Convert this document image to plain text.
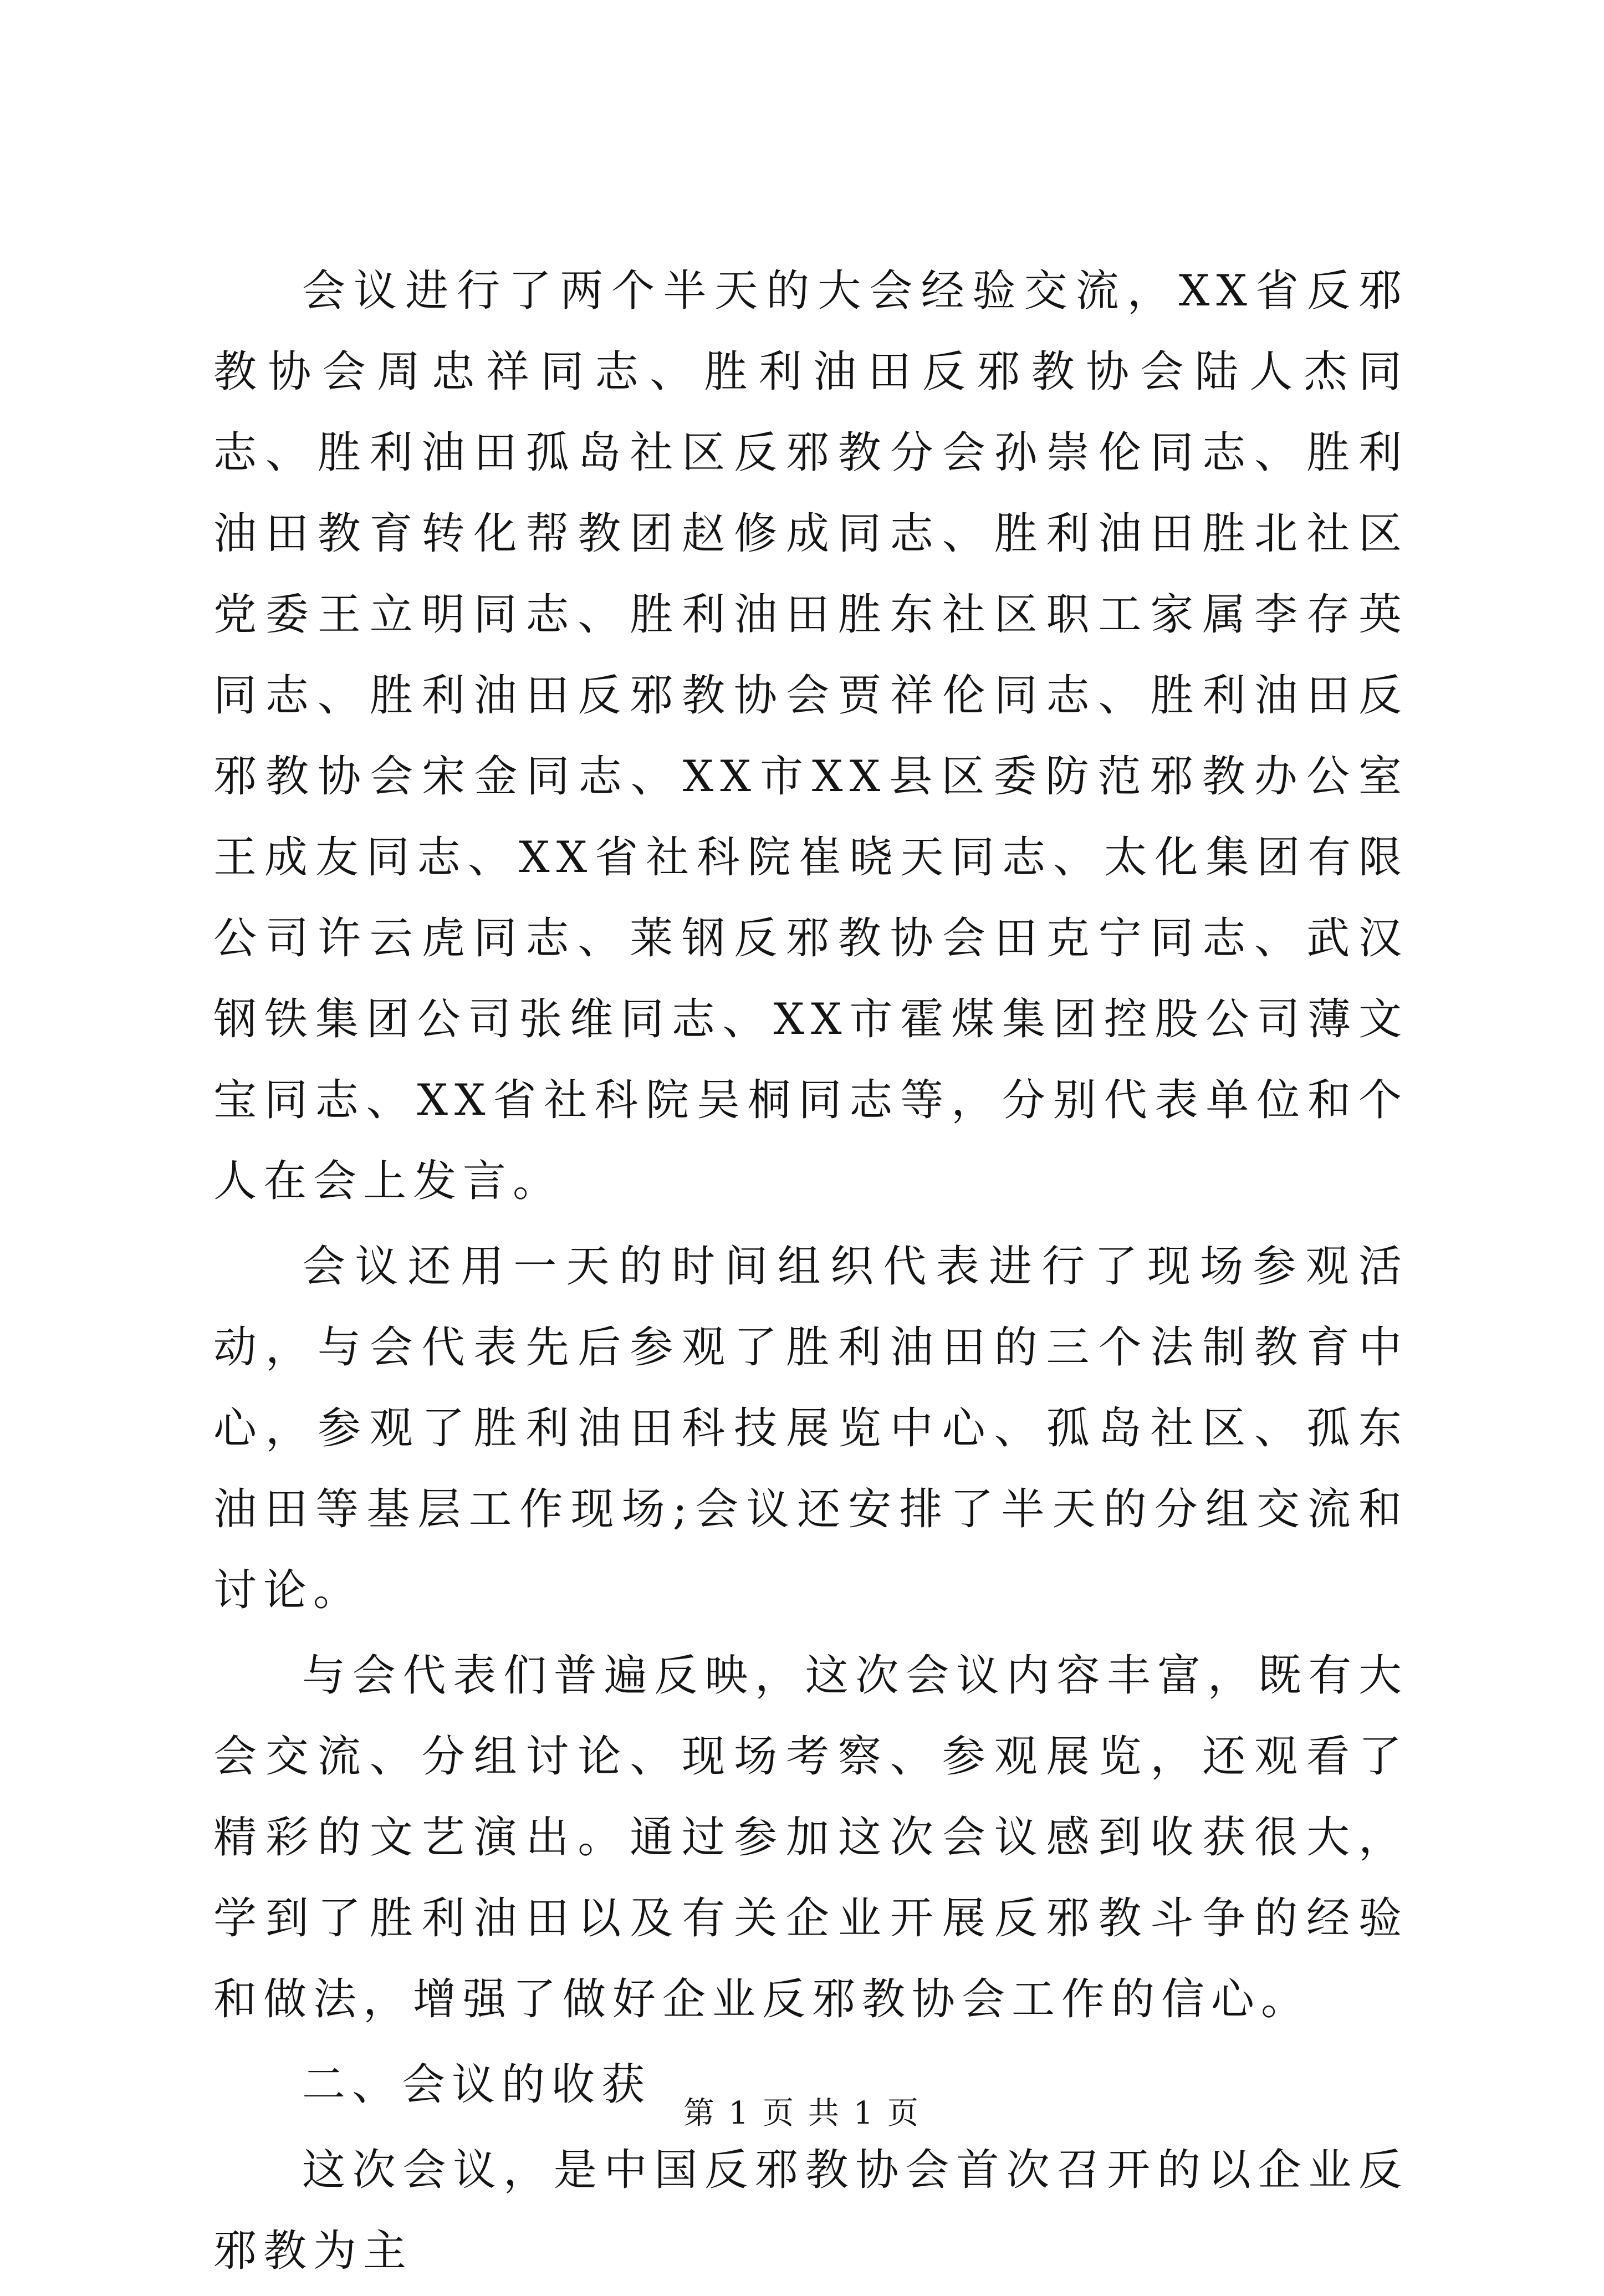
会议进行了两个半天的大会经验交流，XX省反邪教协会周忠祥同志、胜利油田反邪教协会陆人杰同志、胜利油田孤岛社区反邪教分会孙崇伦同志、胜利油田教育转化帮教团赵修成同志、胜利油田胜北社区党委王立明同志、胜利油田胜东社区职工家属李存英同志、胜利油田反邪教协会贾祥伦同志、胜利油田反邪教协会宋金同志、XX市XX县区委防范邪教办公室王成友同志、XX省社科院崔晓天同志、太化集团有限公司许云虎同志、莱钢反邪教协会田克宁同志、武汉钢铁集团公司张维同志、XX市霍煤集团控股公司薄文宝同志、XX省社科院吴桐同志等，分别代表单位和个人在会上发言。

会议还用一天的时间组织代表进行了现场参观活动，与会代表先后参观了胜利油田的三个法制教育中心，参观了胜利油田科技展览中心、孤岛社区、孤东油田等基层工作现场;会议还安排了半天的分组交流和讨论。

与会代表们普遍反映，这次会议内容丰富，既有大会交流、分组讨论、现场考察、参观展览，还观看了精彩的文艺演出。通过参加这次会议感到收获很大，学到了胜利油田以及有关企业开展反邪教斗争的经验和做法，增强了做好企业反邪教协会工作的信心。

二、会议的收获

这次会议，是中国反邪教协会首次召开的以企业反邪教为主

第 1 页 共 1 页
